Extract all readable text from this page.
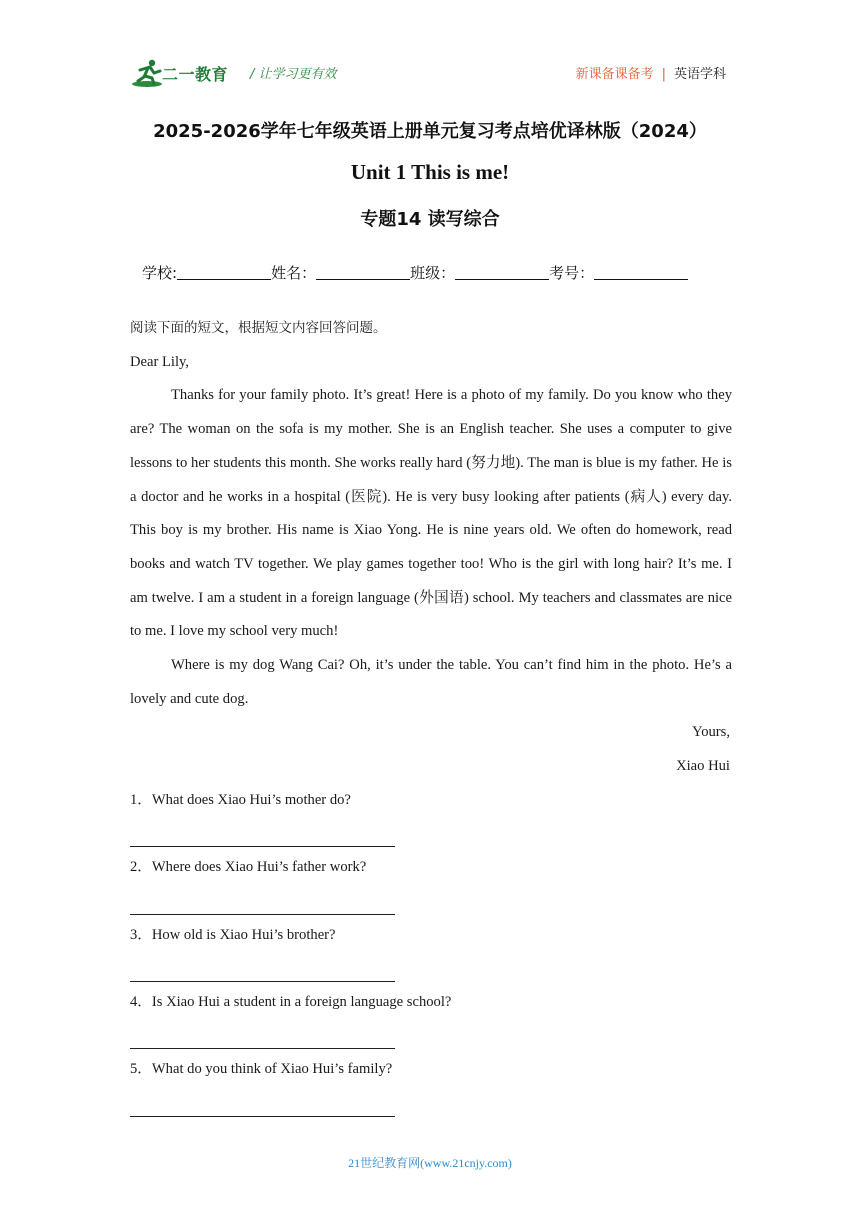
二一教育 / 让学习更有效	新课备课备考 | 英语学科
2025-2026学年七年级英语上册单元复习考点培优译林版（2024）
Unit 1 This is me!
专题14 读写综合
学校:	姓名：	班级：	考号：

阅读下面的短文，根据短文内容回答问题。

Dear Lily,

Thanks for your family photo. It’s great! Here is a photo of my family. Do you know who they are? The woman on the sofa is my mother. She is an English teacher. She uses a computer to give lessons to her students this month. She works really hard (努力地). The man is blue is my father. He is a doctor and he works in a hospital (医院). He is very busy looking after patients (病人) every day. This boy is my brother. His name is Xiao Yong. He is nine years old. We often do homework, read books and watch TV together. We play games together too! Who is the girl with long hair? It’s me. I am twelve. I am a student in a foreign language (外国语) school. My teachers and classmates are nice to me. I love my school very much!

Where is my dog Wang Cai? Oh, it’s under the table. You can’t find him in the photo. He’s a lovely and cute dog.

Yours,

Xiao Hui

1．What does Xiao Hui’s mother do?

2．Where does Xiao Hui’s father work?

3．How old is Xiao Hui’s brother?

4．Is Xiao Hui a student in a foreign language school?

5．What do you think of Xiao Hui’s family?

21世纪教育网(www.21cnjy.com)
